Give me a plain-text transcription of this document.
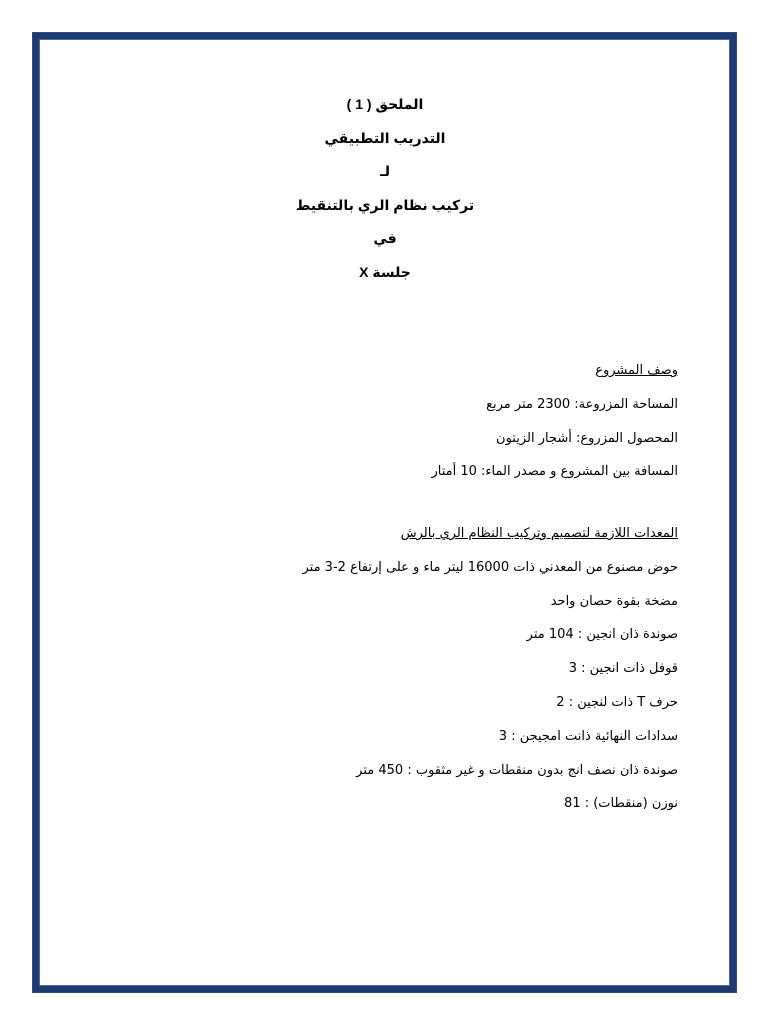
الملحق ( 1 )
التدريب التطبيقي
لـ
تركيب نظام الري بالتنقيط
في
جلسة X
وصف المشروع
المساحة المزروعة: 2300 متر مربع
المحصول المزروع: أشجار الزيتون
المسافة بين المشروع و مصدر الماء: 10 أمتار
المعدات اللازمة لتصميم وتركيب النظام الري بالرش
حوض مصنوع من المعدني ذات 16000 ليتر ماء و على إرتفاع 2-3 متر
مضخة بقوة حصان واحد
صوندة ذان انجين : 104 متر
قوفل ذات انجين : 3
حرف T ذات لنجين : 2
سدادات النهائية ذانت امجيجن : 3
صوندة ذان نصف انج بدون منقطات و غير مثقوب : 450 متر
نوزن (منقطات) : 81
